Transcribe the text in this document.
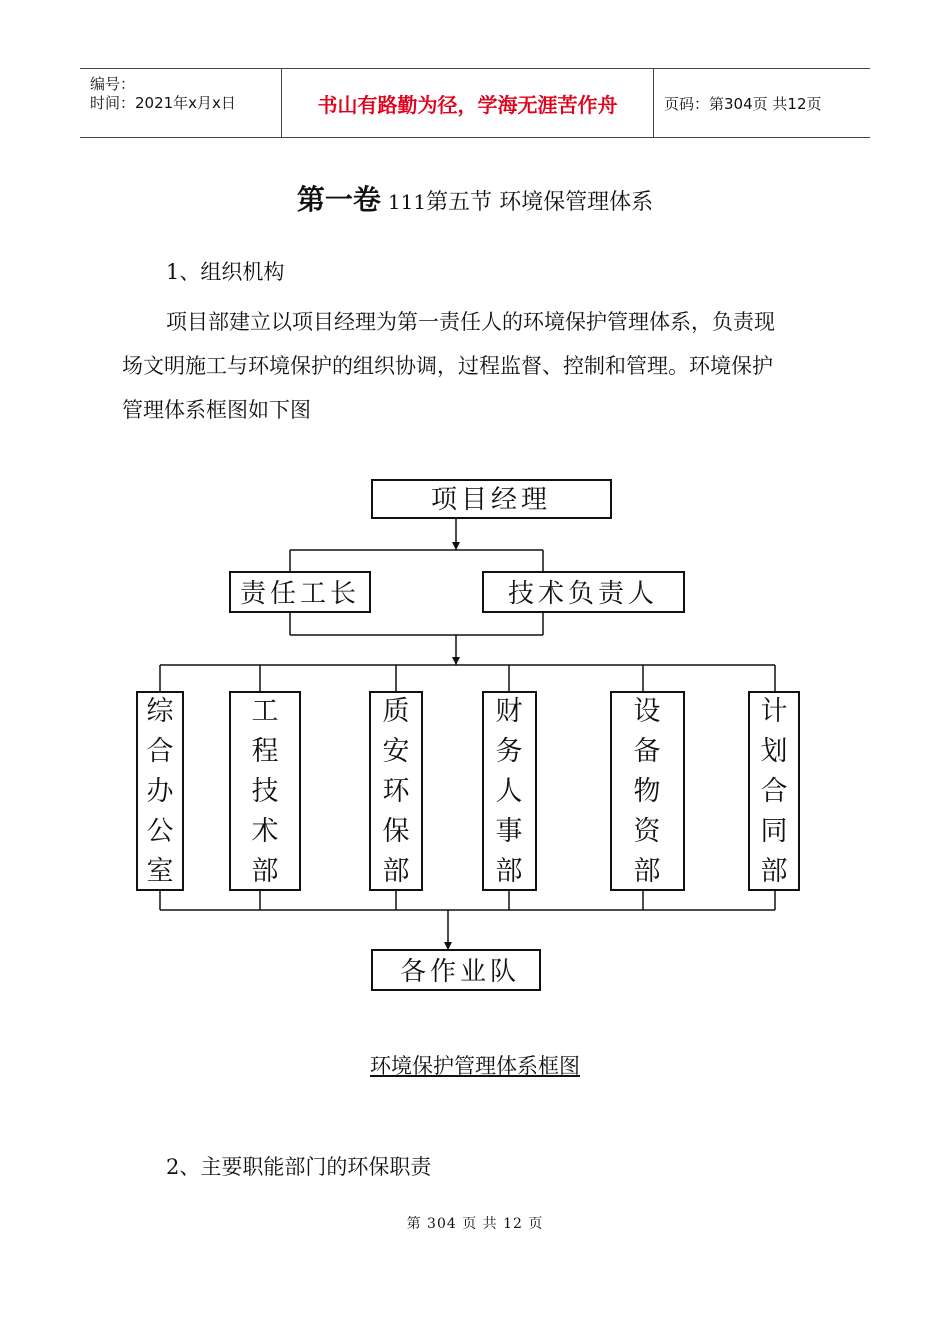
编号：
时间：2021年x月x日	书山有路勤为径，学海无涯苦作舟	页码：第304页 共12页
第一卷 111第五节 环境保管理体系
1、组织机构
项目部建立以项目经理为第一责任人的环境保护管理体系，负责现
场文明施工与环境保护的组织协调，过程监督、控制和管理。环境保护
管理体系框图如下图
项目经理
责任工长	技术负责人
各作业队
综
合
办
公
室
工
程
技
术
部
质
安
环
保
部
财
务
人
事
部
设
备
物
资
部
计
划
合
同
部
环境保护管理体系框图
2、主要职能部门的环保职责
第 304 页 共 12 页
